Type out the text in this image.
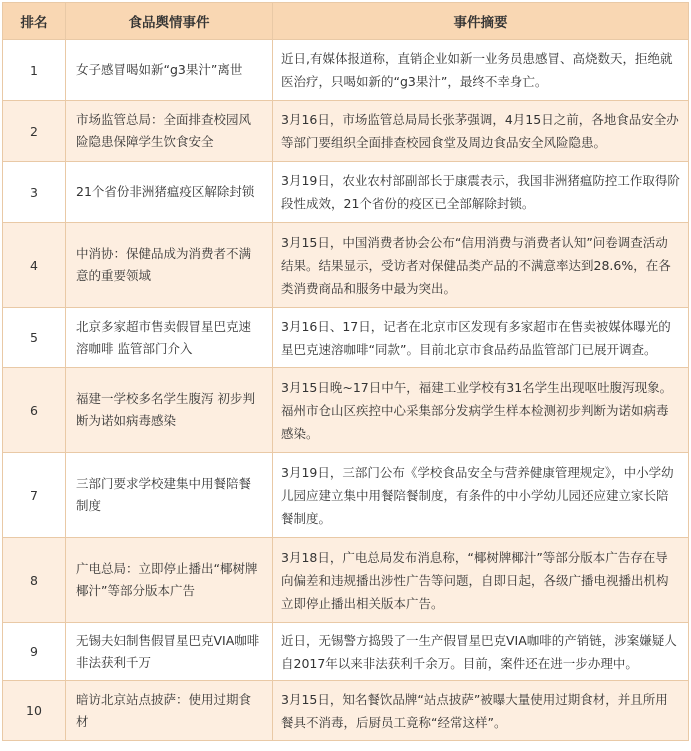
排名	食品舆情事件	事件摘要
1	女子感冒喝如新“g3果汁”离世	近日,有媒体报道称，直销企业如新一业务员患感冒、高烧数天，拒绝就医治疗，只喝如新的“g3果汁”，最终不幸身亡。
2	市场监管总局：全面排查校园风险隐患保障学生饮食安全	3月16日，市场监管总局局长张茅强调，4月15日之前，各地食品安全办等部门要组织全面排查校园食堂及周边食品安全风险隐患。
3	21个省份非洲猪瘟疫区解除封锁	3月19日，农业农村部副部长于康震表示，我国非洲猪瘟防控工作取得阶段性成效，21个省份的疫区已全部解除封锁。
4	中消协：保健品成为消费者不满意的重要领域	3月15日，中国消费者协会公布“信用消费与消费者认知”问卷调查活动结果。结果显示，受访者对保健品类产品的不满意率达到28.6%，在各类消费商品和服务中最为突出。
5	北京多家超市售卖假冒星巴克速溶咖啡 监管部门介入	3月16日、17日，记者在北京市区发现有多家超市在售卖被媒体曝光的星巴克速溶咖啡“同款”。目前北京市食品药品监管部门已展开调查。
6	福建一学校多名学生腹泻 初步判断为诺如病毒感染	3月15日晚~17日中午，福建工业学校有31名学生出现呕吐腹泻现象。福州市仓山区疾控中心采集部分发病学生样本检测初步判断为诺如病毒感染。
7	三部门要求学校建集中用餐陪餐制度	3月19日，三部门公布《学校食品安全与营养健康管理规定》，中小学幼儿园应建立集中用餐陪餐制度，有条件的中小学幼儿园还应建立家长陪餐制度。
8	广电总局：立即停止播出“椰树牌椰汁”等部分版本广告	3月18日，广电总局发布消息称，“椰树牌椰汁”等部分版本广告存在导向偏差和违规播出涉性广告等问题，自即日起，各级广播电视播出机构立即停止播出相关版本广告。
9	无锡夫妇制售假冒星巴克VIA咖啡非法获利千万	近日，无锡警方捣毁了一生产假冒星巴克VIA咖啡的产销链，涉案嫌疑人自2017年以来非法获利千余万。目前，案件还在进一步办理中。
10	暗访北京站点披萨：使用过期食材	3月15日，知名餐饮品牌“站点披萨”被曝大量使用过期食材，并且所用餐具不消毒，后厨员工竟称“经常这样”。
